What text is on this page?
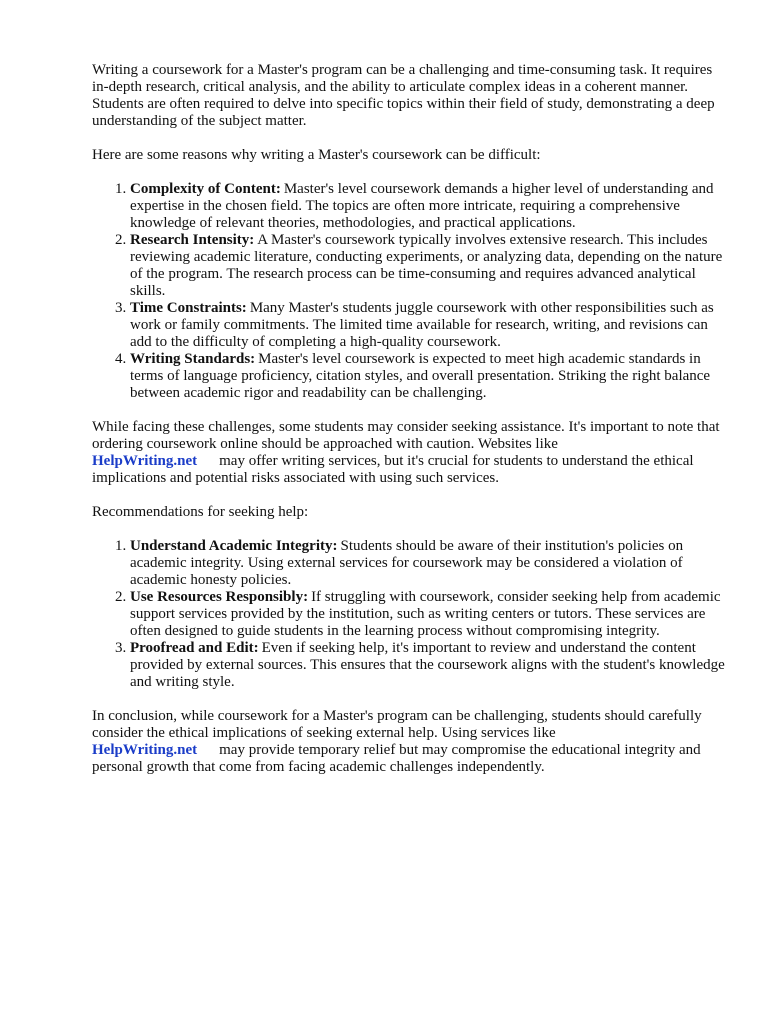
Writing a coursework for a Master's program can be a challenging and time-consuming task. It requires in-depth research, critical analysis, and the ability to articulate complex ideas in a coherent manner. Students are often required to delve into specific topics within their field of study, demonstrating a deep understanding of the subject matter.

Here are some reasons why writing a Master's coursework can be difficult:

1. Complexity of Content: Master's level coursework demands a higher level of understanding and expertise in the chosen field. The topics are often more intricate, requiring a comprehensive knowledge of relevant theories, methodologies, and practical applications.
2. Research Intensity: A Master's coursework typically involves extensive research. This includes reviewing academic literature, conducting experiments, or analyzing data, depending on the nature of the program. The research process can be time-consuming and requires advanced analytical skills.
3. Time Constraints: Many Master's students juggle coursework with other responsibilities such as work or family commitments. The limited time available for research, writing, and revisions can add to the difficulty of completing a high-quality coursework.
4. Writing Standards: Master's level coursework is expected to meet high academic standards in terms of language proficiency, citation styles, and overall presentation. Striking the right balance between academic rigor and readability can be challenging.

While facing these challenges, some students may consider seeking assistance. It's important to note that ordering coursework online should be approached with caution. Websites like
HelpWriting.net may offer writing services, but it's crucial for students to understand the ethical implications and potential risks associated with using such services.

Recommendations for seeking help:

1. Understand Academic Integrity: Students should be aware of their institution's policies on academic integrity. Using external services for coursework may be considered a violation of academic honesty policies.
2. Use Resources Responsibly: If struggling with coursework, consider seeking help from academic support services provided by the institution, such as writing centers or tutors. These services are often designed to guide students in the learning process without compromising integrity.
3. Proofread and Edit: Even if seeking help, it's important to review and understand the content provided by external sources. This ensures that the coursework aligns with the student's knowledge and writing style.

In conclusion, while coursework for a Master's program can be challenging, students should carefully consider the ethical implications of seeking external help. Using services like
HelpWriting.net may provide temporary relief but may compromise the educational integrity and personal growth that come from facing academic challenges independently.
